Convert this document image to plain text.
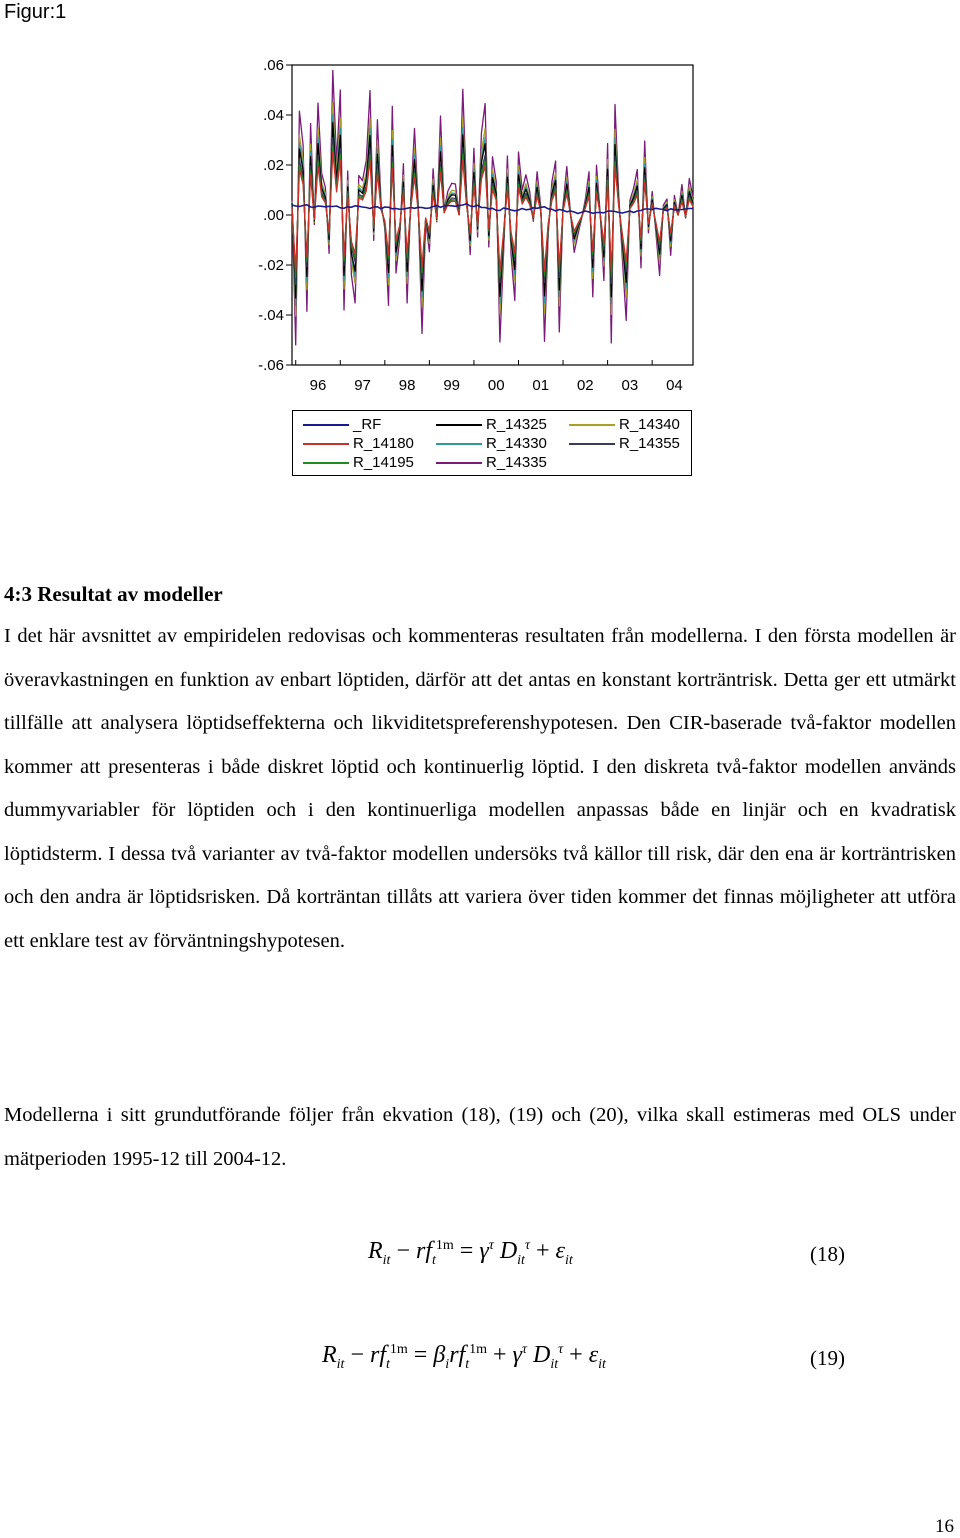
Figur:1
.06
.04
.02
.00
-.02
-.04
-.06
96 97 98 99 00 01 02 03 04
_RF
R_14180
R_14195
R_14325
R_14330
R_14335
R_14340
R_14355
4:3 Resultat av modeller

I det här avsnittet av empiridelen redovisas och kommenteras resultaten från modellerna. I den första modellen är överavkastningen en funktion av enbart löptiden, därför att det antas en konstant korträntrisk. Detta ger ett utmärkt tillfälle att analysera löptidseffekterna och likviditetspreferenshypotesen. Den CIR-baserade två-faktor modellen kommer att presenteras i både diskret löptid och kontinuerlig löptid. I den diskreta två-faktor modellen används dummyvariabler för löptiden och i den kontinuerliga modellen anpassas både en linjär och en kvadratisk löptidsterm. I dessa två varianter av två-faktor modellen undersöks två källor till risk, där den ena är korträntrisken och den andra är löptidsrisken. Då korträntan tillåts att variera över tiden kommer det finnas möjligheter att utföra ett enklare test av förväntningshypotesen.

Modellerna i sitt grundutförande följer från ekvation (18), (19) och (20), vilka skall estimeras med OLS under mätperioden 1995-12 till 2004-12.

$R_{it} - rf_t^{1m} = \gamma^\tau$ $D_{it}^\tau + \varepsilon_{it}$	(18)
$R_{it} - rf_t^{1m} = \beta_irf_t^{1m} + \gamma^\tau$ $D_{it}^\tau + \varepsilon_{it}$	(19)
16
